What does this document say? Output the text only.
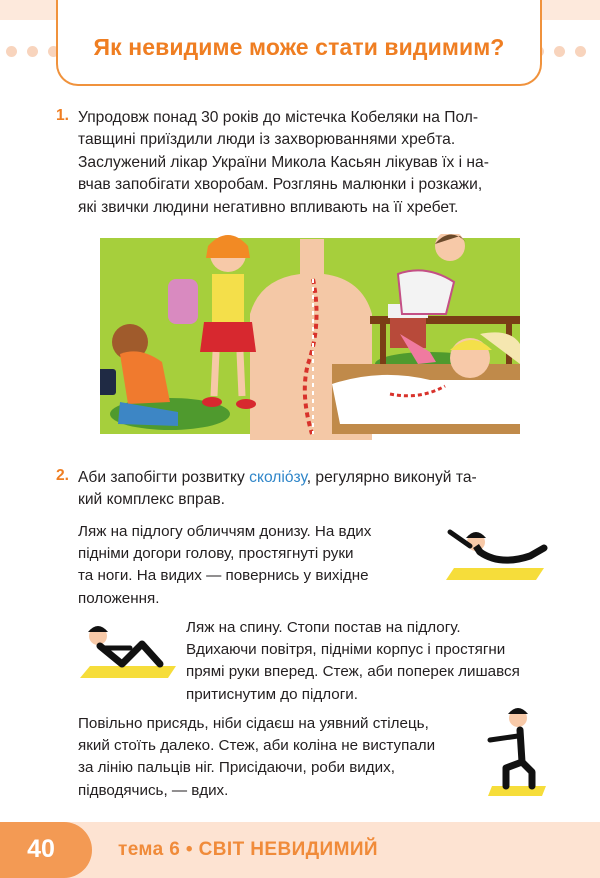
Як невидиме може стати видимим?
1. Упродовж понад 30 років до містечка Кобеляки на Пол-
тавщині приїздили люди із захворюваннями хребта.
Заслужений лікар України Микола Касьян лікував їх і на-
вчав запобігати хворобам. Розглянь малюнки і розкажи,
які звички людини негативно впливають на її хребет.
2. Аби запобігти розвитку сколіо́зу, регулярно виконуй та-
кий комплекс вправ.
Ляж на підлогу обличчям донизу. На вдих
підніми догори голову, простягнуті руки
та ноги. На видих — повернись у вихідне
положення.
Ляж на спину. Стопи постав на підлогу.
Вдихаючи повітря, підніми корпус і простягни
прямі руки вперед. Стеж, аби поперек лишався
притиснутим до підлоги.
Повільно присядь, ніби сідаєш на уявний стілець,
який стоїть далеко. Стеж, аби коліна не виступали
за лінію пальців ніг. Присідаючи, роби видих,
підводячись, — вдих.
40	тема 6 • СВІТ НЕВИДИМИЙ
